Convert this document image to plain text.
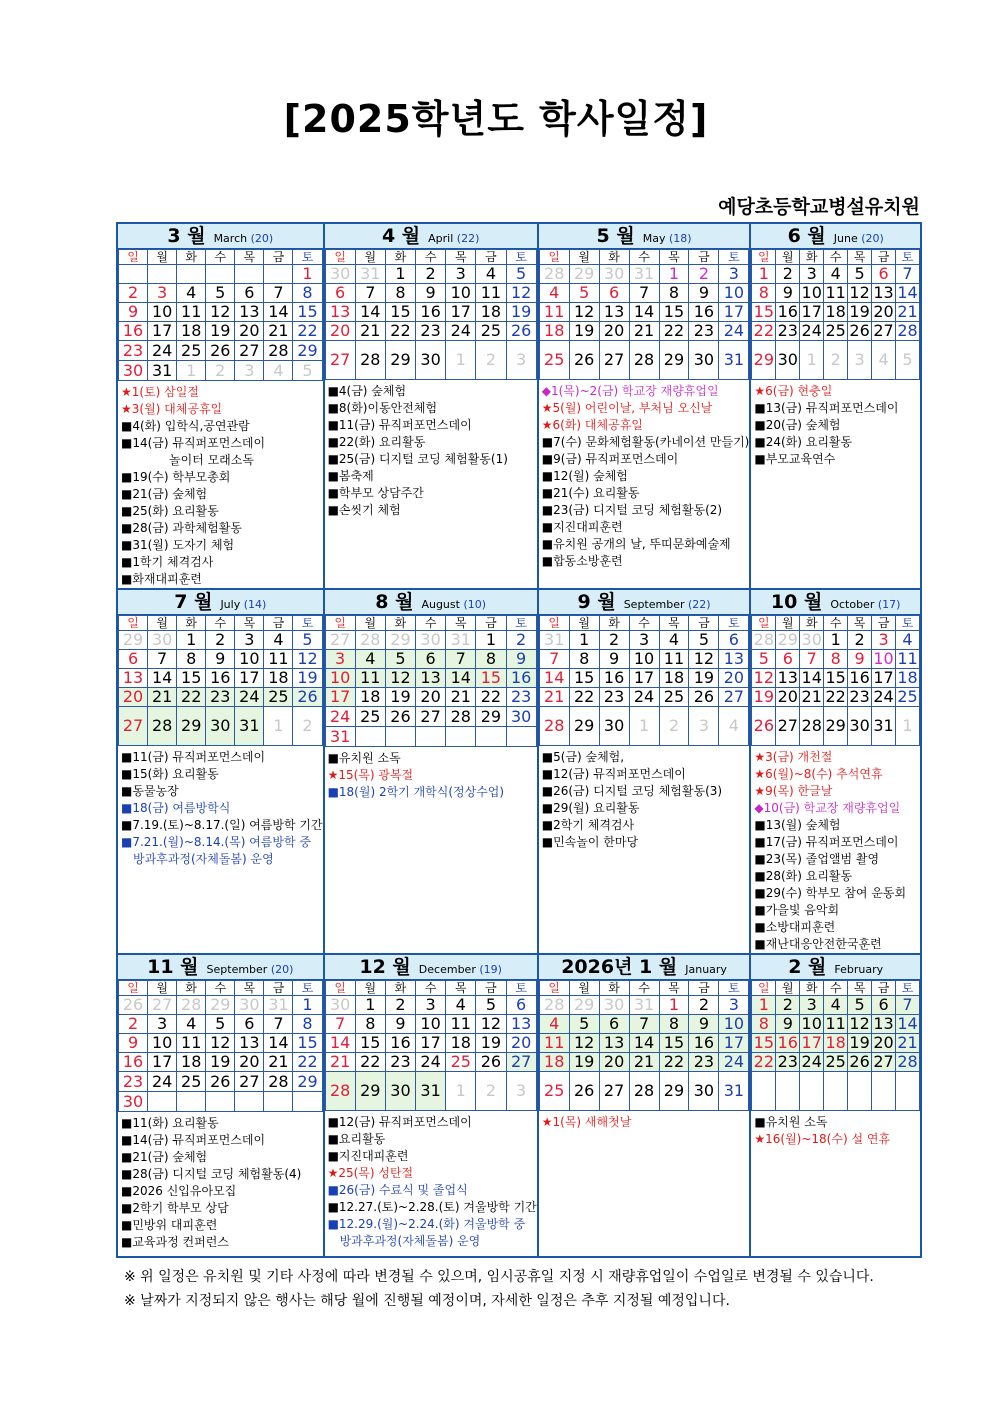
[2025학년도 학사일정]
예당초등학교병설유치원
3 월 March (20)
일	월	화	수	목	금	토
						1
2	3	4	5	6	7	8
9	10	11	12	13	14	15
16	17	18	19	20	21	22
23	24	25	26	27	28	29
30	31	1	2	3	4	5
★1(토) 삼일절
★3(월) 대체공휴일
■4(화) 입학식,공연관람
■14(금) 뮤직퍼포먼스데이
놀이터 모래소독
■19(수) 학부모총회
■21(금) 숲체험
■25(화) 요리활동
■28(금) 과학체험활동
■31(월) 도자기 체험
■1학기 체격검사
■화재대피훈련
4 월 April (22)
일	월	화	수	목	금	토
30	31	1	2	3	4	5
6	7	8	9	10	11	12
13	14	15	16	17	18	19
20	21	22	23	24	25	26
27	28	29	30	1	2	3
■4(금) 숲체험
■8(화)이동안전체험
■11(금) 뮤직퍼포먼스데이
■22(화) 요리활동
■25(금) 디지털 코딩 체험활동(1)
■봄축제
■학부모 상담주간
■손씻기 체험
5 월 May (18)
일	월	화	수	목	금	토
28	29	30	31	1	2	3
4	5	6	7	8	9	10
11	12	13	14	15	16	17
18	19	20	21	22	23	24
25	26	27	28	29	30	31
◆1(목)~2(금) 학교장 재량휴업일
★5(월) 어린이날, 부처님 오신날
★6(화) 대체공휴일
■7(수) 문화체험활동(카네이션 만들기)
■9(금) 뮤직퍼포먼스데이
■12(월) 숲체험
■21(수) 요리활동
■23(금) 디지털 코딩 체험활동(2)
■지진대피훈련
■유치원 공개의 날, 뚜띠문화예술제
■합동소방훈련
6 월 June (20)
일	월	화	수	목	금	토
1	2	3	4	5	6	7
8	9	10	11	12	13	14
15	16	17	18	19	20	21
22	23	24	25	26	27	28
29	30	1	2	3	4	5
★6(금) 현충일
■13(금) 뮤직퍼포먼스데이
■20(금) 숲체험
■24(화) 요리활동
■부모교육연수
7 월 July (14)
일	월	화	수	목	금	토
29	30	1	2	3	4	5
6	7	8	9	10	11	12
13	14	15	16	17	18	19
20	21	22	23	24	25	26
27	28	29	30	31	1	2
■11(금) 뮤직퍼포먼스데이
■15(화) 요리활동
■동물농장
■18(금) 여름방학식
■7.19.(토)~8.17.(일) 여름방학 기간
■7.21.(월)~8.14.(목) 여름방학 중
방과후과정(자체돌봄) 운영
8 월 August (10)
일	월	화	수	목	금	토
27	28	29	30	31	1	2
3	4	5	6	7	8	9
10	11	12	13	14	15	16
17	18	19	20	21	22	23
24	25	26	27	28	29	30
31						
■유치원 소독
★15(목) 광복절
■18(월) 2학기 개학식(정상수업)
9 월 September (22)
일	월	화	수	목	금	토
31	1	2	3	4	5	6
7	8	9	10	11	12	13
14	15	16	17	18	19	20
21	22	23	24	25	26	27
28	29	30	1	2	3	4
■5(금) 숲체험,
■12(금) 뮤직퍼포먼스데이
■26(금) 디지털 코딩 체험활동(3)
■29(월) 요리활동
■2학기 체격검사
■민속놀이 한마당
10 월 October (17)
일	월	화	수	목	금	토
28	29	30	1	2	3	4
5	6	7	8	9	10	11
12	13	14	15	16	17	18
19	20	21	22	23	24	25
26	27	28	29	30	31	1
★3(금) 개천절
★6(월)~8(수) 추석연휴
★9(목) 한글날
◆10(금) 학교장 재량휴업일
■13(월) 숲체험
■17(금) 뮤직퍼포먼스데이
■23(목) 졸업앨범 촬영
■28(화) 요리활동
■29(수) 학부모 참여 운동회
■가을빛 음악회
■소방대피훈련
■재난대응안전한국훈련
11 월 September (20)
일	월	화	수	목	금	토
26	27	28	29	30	31	1
2	3	4	5	6	7	8
9	10	11	12	13	14	15
16	17	18	19	20	21	22
23	24	25	26	27	28	29
30						
■11(화) 요리활동
■14(금) 뮤직퍼포먼스데이
■21(금) 숲체험
■28(금) 디지털 코딩 체험활동(4)
■2026 신입유아모집
■2학기 학부모 상담
■민방위 대피훈련
■교육과정 컨퍼런스
12 월 December (19)
일	월	화	수	목	금	토
30	1	2	3	4	5	6
7	8	9	10	11	12	13
14	15	16	17	18	19	20
21	22	23	24	25	26	27
28	29	30	31	1	2	3
■12(금) 뮤직퍼포먼스데이
■요리활동
■지진대피훈련
★25(목) 성탄절
■26(금) 수료식 및 졸업식
■12.27.(토)~2.28.(토) 겨울방학 기간
■12.29.(월)~2.24.(화) 겨울방학 중
방과후과정(자체돌봄) 운영
2026년 1 월 January
일	월	화	수	목	금	토
28	29	30	31	1	2	3
4	5	6	7	8	9	10
11	12	13	14	15	16	17
18	19	20	21	22	23	24
25	26	27	28	29	30	31
★1(목) 새해첫날
2 월 February
일	월	화	수	목	금	토
1	2	3	4	5	6	7
8	9	10	11	12	13	14
15	16	17	18	19	20	21
22	23	24	25	26	27	28

■유치원 소독
★16(월)~18(수) 설 연휴
※ 위 일정은 유치원 및 기타 사정에 따라 변경될 수 있으며, 임시공휴일 지정 시 재량휴업일이 수업일로 변경될 수 있습니다.
※ 날짜가 지정되지 않은 행사는 해당 월에 진행될 예정이며, 자세한 일정은 추후 지정될 예정입니다.
